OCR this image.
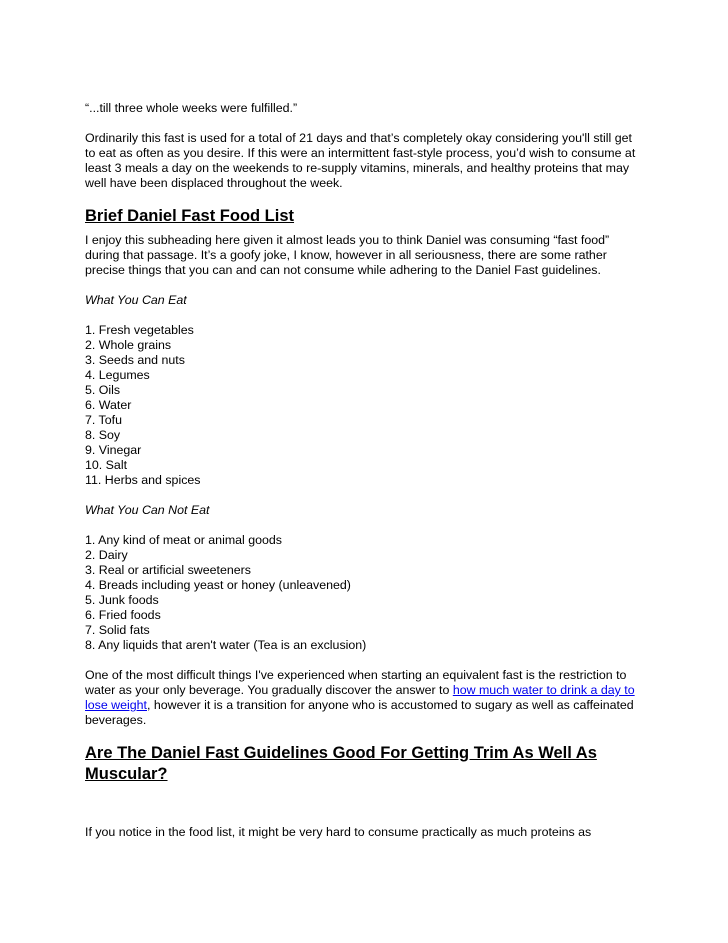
“...till three whole weeks were fulfilled.”

Ordinarily this fast is used for a total of 21 days and that’s completely okay considering you'll still get to eat as often as you desire. If this were an intermittent fast-style process, you’d wish to consume at least 3 meals a day on the weekends to re-supply vitamins, minerals, and healthy proteins that may well have been displaced throughout the week.

Brief Daniel Fast Food List

I enjoy this subheading here given it almost leads you to think Daniel was consuming “fast food” during that passage. It’s a goofy joke, I know, however in all seriousness, there are some rather precise things that you can and can not consume while adhering to the Daniel Fast guidelines.

What You Can Eat

1. Fresh vegetables
2. Whole grains
3. Seeds and nuts
4. Legumes
5. Oils
6. Water
7. Tofu
8. Soy
9. Vinegar
10. Salt
11. Herbs and spices

What You Can Not Eat

1. Any kind of meat or animal goods
2. Dairy
3. Real or artificial sweeteners
4. Breads including yeast or honey (unleavened)
5. Junk foods
6. Fried foods
7. Solid fats
8. Any liquids that aren't water (Tea is an exclusion)

One of the most difficult things I've experienced when starting an equivalent fast is the restriction to water as your only beverage. You gradually discover the answer to how much water to drink a day to lose weight, however it is a transition for anyone who is accustomed to sugary as well as caffeinated beverages.

Are The Daniel Fast Guidelines Good For Getting Trim As Well As Muscular?

If you notice in the food list, it might be very hard to consume practically as much proteins as
